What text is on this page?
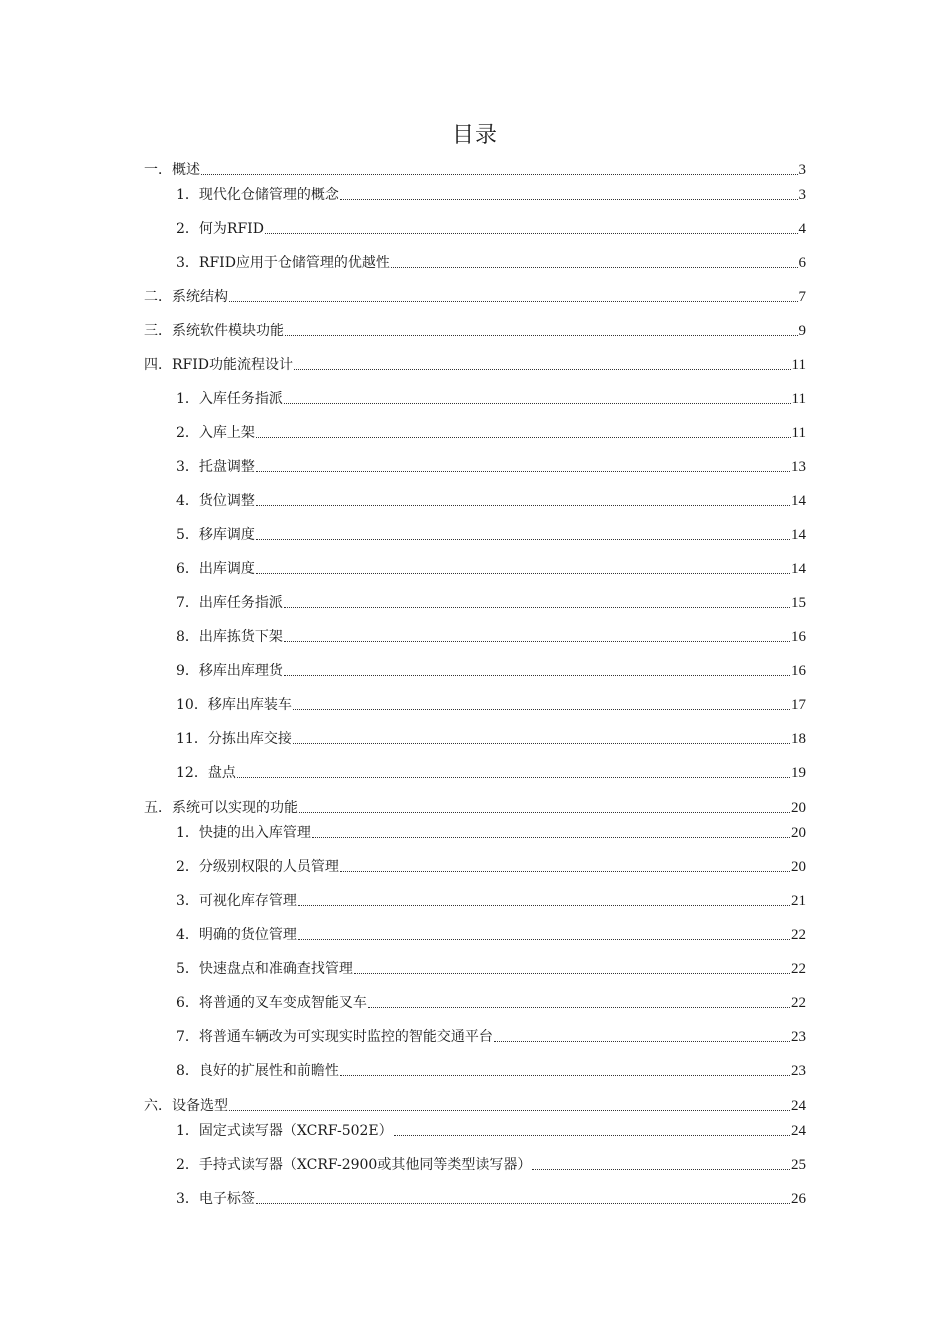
目录
一．概述	3
1．现代化仓储管理的概念	3
2．何为RFID	4
3．RFID应用于仓储管理的优越性	6
二．系统结构	7
三．系统软件模块功能	9
四．RFID功能流程设计	11
1．入库任务指派	11
2．入库上架	11
3．托盘调整	13
4．货位调整	14
5．移库调度	14
6．出库调度	14
7．出库任务指派	15
8．出库拣货下架	16
9．移库出库理货	16
10．移库出库装车	17
11．分拣出库交接	18
12．盘点	19
五．系统可以实现的功能	20
1．快捷的出入库管理	20
2．分级别权限的人员管理	20
3．可视化库存管理	21
4．明确的货位管理	22
5．快速盘点和准确查找管理	22
6．将普通的叉车变成智能叉车	22
7．将普通车辆改为可实现实时监控的智能交通平台	23
8．良好的扩展性和前瞻性	23
六．设备选型	24
1．固定式读写器（XCRF-502E）	24
2．手持式读写器（XCRF-2900或其他同等类型读写器）	25
3．电子标签	26
